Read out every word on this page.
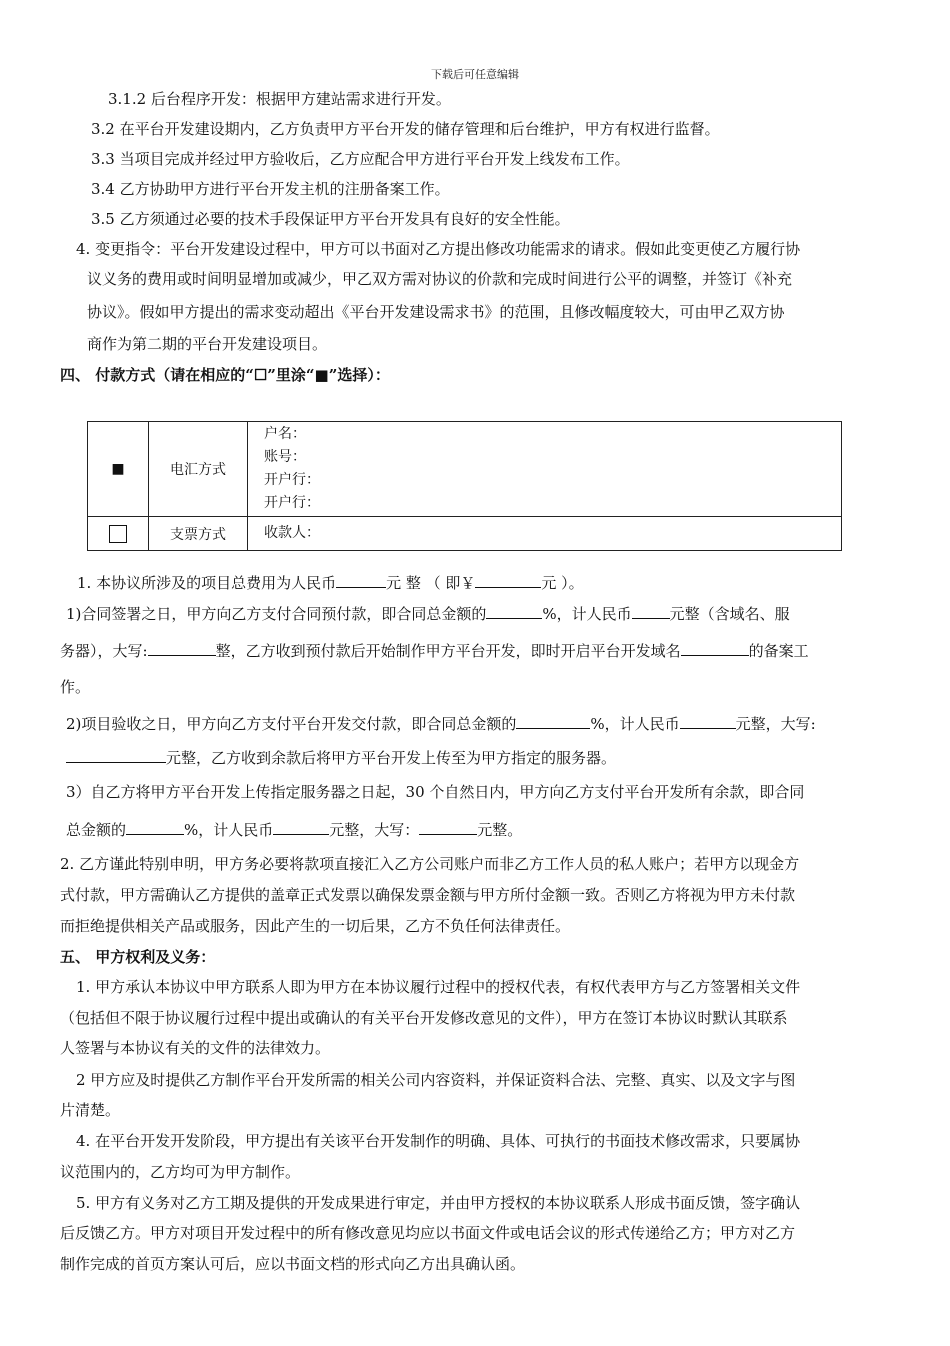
下载后可任意编辑
3.1.2 后台程序开发：根据甲方建站需求进行开发。
3.2 在平台开发建设期内，乙方负责甲方平台开发的储存管理和后台维护，甲方有权进行监督。
3.3 当项目完成并经过甲方验收后，乙方应配合甲方进行平台开发上线发布工作。
3.4 乙方协助甲方进行平台开发主机的注册备案工作。
3.5 乙方须通过必要的技术手段保证甲方平台开发具有良好的安全性能。
4. 变更指令：平台开发建设过程中，甲方可以书面对乙方提出修改功能需求的请求。假如此变更使乙方履行协
议义务的费用或时间明显增加或减少，甲乙双方需对协议的价款和完成时间进行公平的调整，并签订《补充
协议》。假如甲方提出的需求变动超出《平台开发建设需求书》的范围，且修改幅度较大，可由甲乙双方协
商作为第二期的平台开发建设项目。
四、 付款方式（请在相应的“☐”里涂“■”选择）：
■	电汇方式	户名：
账号：
开户行：
开户行：

	支票方式	收款人：
1. 本协议所涉及的项目总费用为人民币	元 整 （ 即￥	元 ）。
1)合同签署之日，甲方向乙方支付合同预付款，即合同总金额的	%，计人民币	元整（含域名、服
务器），大写:	整，乙方收到预付款后开始制作甲方平台开发，即时开启平台开发域名	的备案工
作。
2)项目验收之日，甲方向乙方支付平台开发交付款，即合同总金额的	%，计人民币	元整，大写:
元整，乙方收到余款后将甲方平台开发上传至为甲方指定的服务器。
3）自乙方将甲方平台开发上传指定服务器之日起，30 个自然日内，甲方向乙方支付平台开发所有余款，即合同
总金额的	%，计人民币	元整，大写：	元整。
2. 乙方谨此特别申明，甲方务必要将款项直接汇入乙方公司账户而非乙方工作人员的私人账户；若甲方以现金方
式付款，甲方需确认乙方提供的盖章正式发票以确保发票金额与甲方所付金额一致。否则乙方将视为甲方未付款
而拒绝提供相关产品或服务，因此产生的一切后果，乙方不负任何法律责任。
五、 甲方权利及义务：
1. 甲方承认本协议中甲方联系人即为甲方在本协议履行过程中的授权代表，有权代表甲方与乙方签署相关文件
（包括但不限于协议履行过程中提出或确认的有关平台开发修改意见的文件），甲方在签订本协议时默认其联系
人签署与本协议有关的文件的法律效力。
2 甲方应及时提供乙方制作平台开发所需的相关公司内容资料，并保证资料合法、完整、真实、以及文字与图
片清楚。
4. 在平台开发开发阶段，甲方提出有关该平台开发制作的明确、具体、可执行的书面技术修改需求，只要属协
议范围内的，乙方均可为甲方制作。
5. 甲方有义务对乙方工期及提供的开发成果进行审定，并由甲方授权的本协议联系人形成书面反馈，签字确认
后反馈乙方。甲方对项目开发过程中的所有修改意见均应以书面文件或电话会议的形式传递给乙方；甲方对乙方
制作完成的首页方案认可后，应以书面文档的形式向乙方出具确认函。
